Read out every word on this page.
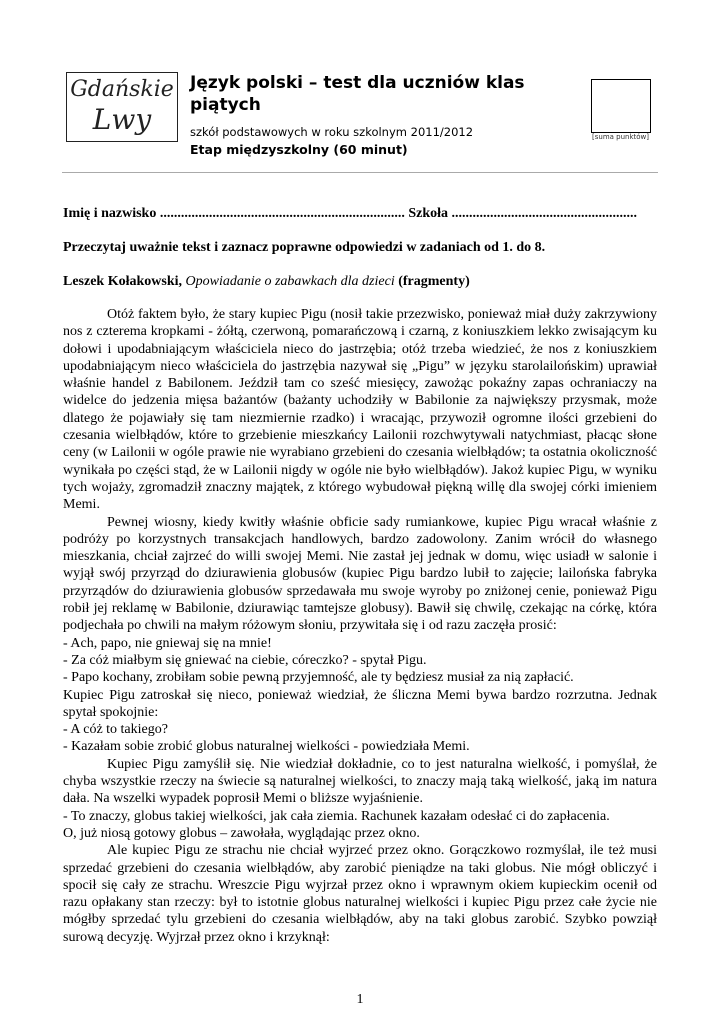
Gdańskie
Lwy
Język polski – test dla uczniów klas piątych
szkół podstawowych w roku szkolnym 2011/2012
Etap międzyszkolny (60 minut)
[suma punktów]
Imię i nazwisko ...................................................................... Szkoła .....................................................
Przeczytaj uważnie tekst i zaznacz poprawne odpowiedzi w zadaniach od 1. do 8.
Leszek Kołakowski, Opowiadanie o zabawkach dla dzieci (fragmenty)

Otóż faktem było, że stary kupiec Pigu (nosił takie przezwisko, ponieważ miał duży zakrzywiony nos z czterema kropkami - żółtą, czerwoną, pomarańczową i czarną, z koniuszkiem lekko zwisającym ku dołowi i upodabniającym właściciela nieco do jastrzębia; otóż trzeba wiedzieć, że nos z koniuszkiem upodabniającym nieco właściciela do jastrzębia nazywał się „Pigu” w języku starolailońskim) uprawiał właśnie handel z Babilonem. Jeździł tam co sześć miesięcy, zawożąc pokaźny zapas ochraniaczy na widelce do jedzenia mięsa bażantów (bażanty uchodziły w Babilonie za największy przysmak, może dlatego że pojawiały się tam niezmiernie rzadko) i wracając, przywoził ogromne ilości grzebieni do czesania wielbłądów, które to grzebienie mieszkańcy Lailonii rozchwytywali natychmiast, płacąc słone ceny (w Lailonii w ogóle prawie nie wyrabiano grzebieni do czesania wielbłądów; ta ostatnia okoliczność wynikała po części stąd, że w Lailonii nigdy w ogóle nie było wielbłądów). Jakoż kupiec Pigu, w wyniku tych wojaży, zgromadził znaczny majątek, z którego wybudował piękną willę dla swojej córki imieniem Memi.

Pewnej wiosny, kiedy kwitły właśnie obficie sady rumiankowe, kupiec Pigu wracał właśnie z podróży po korzystnych transakcjach handlowych, bardzo zadowolony. Zanim wrócił do własnego mieszkania, chciał zajrzeć do willi swojej Memi. Nie zastał jej jednak w domu, więc usiadł w salonie i wyjął swój przyrząd do dziurawienia globusów (kupiec Pigu bardzo lubił to zajęcie; lailońska fabryka przyrządów do dziurawienia globusów sprzedawała mu swoje wyroby po zniżonej cenie, ponieważ Pigu robił jej reklamę w Babilonie, dziurawiąc tamtejsze globusy). Bawił się chwilę, czekając na córkę, która podjechała po chwili na małym różowym słoniu, przywitała się i od razu zaczęła prosić:

- Ach, papo, nie gniewaj się na mnie!

- Za cóż miałbym się gniewać na ciebie, córeczko? - spytał Pigu.

- Papo kochany, zrobiłam sobie pewną przyjemność, ale ty będziesz musiał za nią zapłacić.

Kupiec Pigu zatroskał się nieco, ponieważ wiedział, że śliczna Memi bywa bardzo rozrzutna. Jednak spytał spokojnie:

- A cóż to takiego?

- Kazałam sobie zrobić globus naturalnej wielkości - powiedziała Memi.

Kupiec Pigu zamyślił się. Nie wiedział dokładnie, co to jest naturalna wielkość, i pomyślał, że chyba wszystkie rzeczy na świecie są naturalnej wielkości, to znaczy mają taką wielkość, jaką im natura dała. Na wszelki wypadek poprosił Memi o bliższe wyjaśnienie.

- To znaczy, globus takiej wielkości, jak cała ziemia. Rachunek kazałam odesłać ci do zapłacenia.

O, już niosą gotowy globus – zawołała, wyglądając przez okno.

Ale kupiec Pigu ze strachu nie chciał wyjrzeć przez okno. Gorączkowo rozmyślał, ile też musi sprzedać grzebieni do czesania wielbłądów, aby zarobić pieniądze na taki globus. Nie mógł obliczyć i spocił się cały ze strachu. Wreszcie Pigu wyjrzał przez okno i wprawnym okiem kupieckim ocenił od razu opłakany stan rzeczy: był to istotnie globus naturalnej wielkości i kupiec Pigu przez całe życie nie mógłby sprzedać tylu grzebieni do czesania wielbłądów, aby na taki globus zarobić. Szybko powziął surową decyzję. Wyjrzał przez okno i krzyknął:

1
